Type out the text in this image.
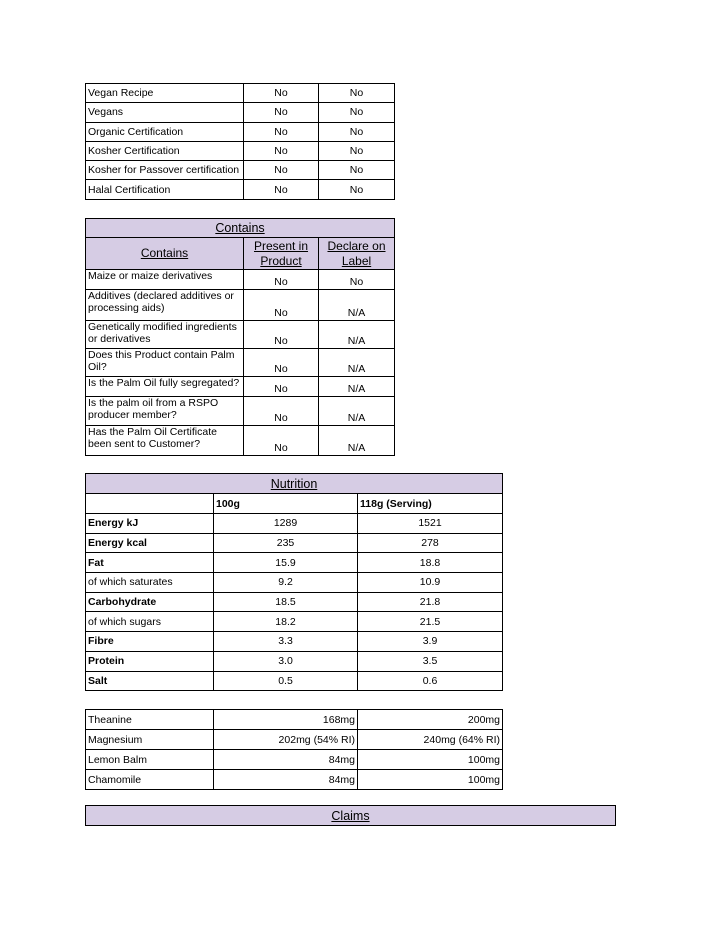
Vegan Recipe	No	No
Vegans	No	No
Organic Certification	No	No
Kosher Certification	No	No
Kosher for Passover certification	No	No
Halal Certification	No	No
Contains		
Contains	Present in Product	Declare on Label
Maize or maize derivatives	No	No
Additives (declared additives or processing aids)	No	N/A
Genetically modified ingredients or derivatives	No	N/A
Does this Product contain Palm Oil?	No	N/A
Is the Palm Oil fully segregated?	No	N/A
Is the palm oil from a RSPO producer member?	No	N/A
Has the Palm Oil Certificate been sent to Customer?	No	N/A
Nutrition		
	100g	118g (Serving)
Energy kJ	1289	1521
Energy kcal	235	278
Fat	15.9	18.8
of which saturates	9.2	10.9
Carbohydrate	18.5	21.8
of which sugars	18.2	21.5
Fibre	3.3	3.9
Protein	3.0	3.5
Salt	0.5	0.6
Theanine	168mg	200mg
Magnesium	202mg (54% RI)	240mg (64% RI)
Lemon Balm	84mg	100mg
Chamomile	84mg	100mg
Claims
